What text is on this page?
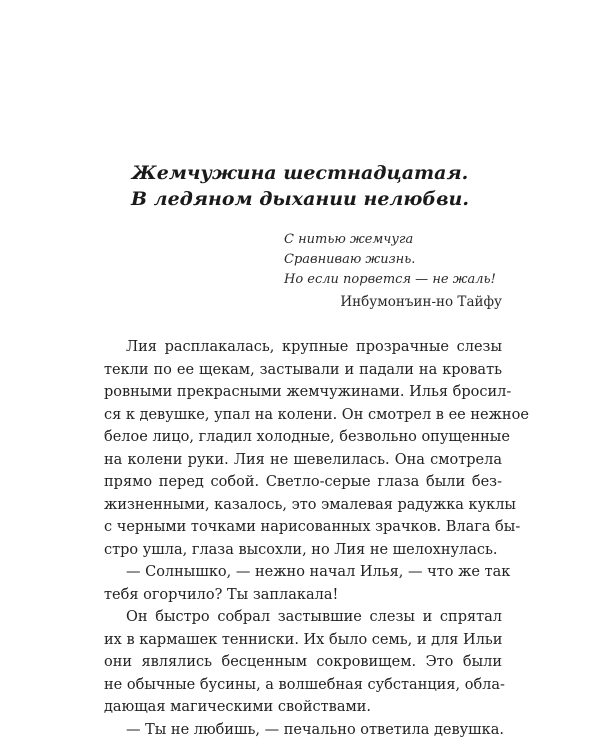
Жемчужина шестнадцатая.
В ледяном дыхании нелюбви.
С нитью жемчуга
Сравниваю жизнь.
Но если порвется — не жаль!
Инбумонъин-но Тайфу
Лия расплакалась, крупные прозрачные слезы
текли по ее щекам, застывали и падали на кровать
ровными прекрасными жемчужинами. Илья бросил-
ся к девушке, упал на колени. Он смотрел в ее нежное
белое лицо, гладил холодные, безвольно опущенные
на колени руки. Лия не шевелилась. Она смотрела
прямо перед собой. Светло-серые глаза были без-
жизненными, казалось, это эмалевая радужка куклы
с черными точками нарисованных зрачков. Влага бы-
стро ушла, глаза высохли, но Лия не шелохнулась.
— Солнышко, — нежно начал Илья, — что же так
тебя огорчило? Ты заплакала!
Он быстро собрал застывшие слезы и спрятал
их в кармашек тенниски. Их было семь, и для Ильи
они являлись бесценным сокровищем. Это были
не обычные бусины, а волшебная субстанция, обла-
дающая магическими свойствами.
— Ты не любишь, — печально ответила девушка.
